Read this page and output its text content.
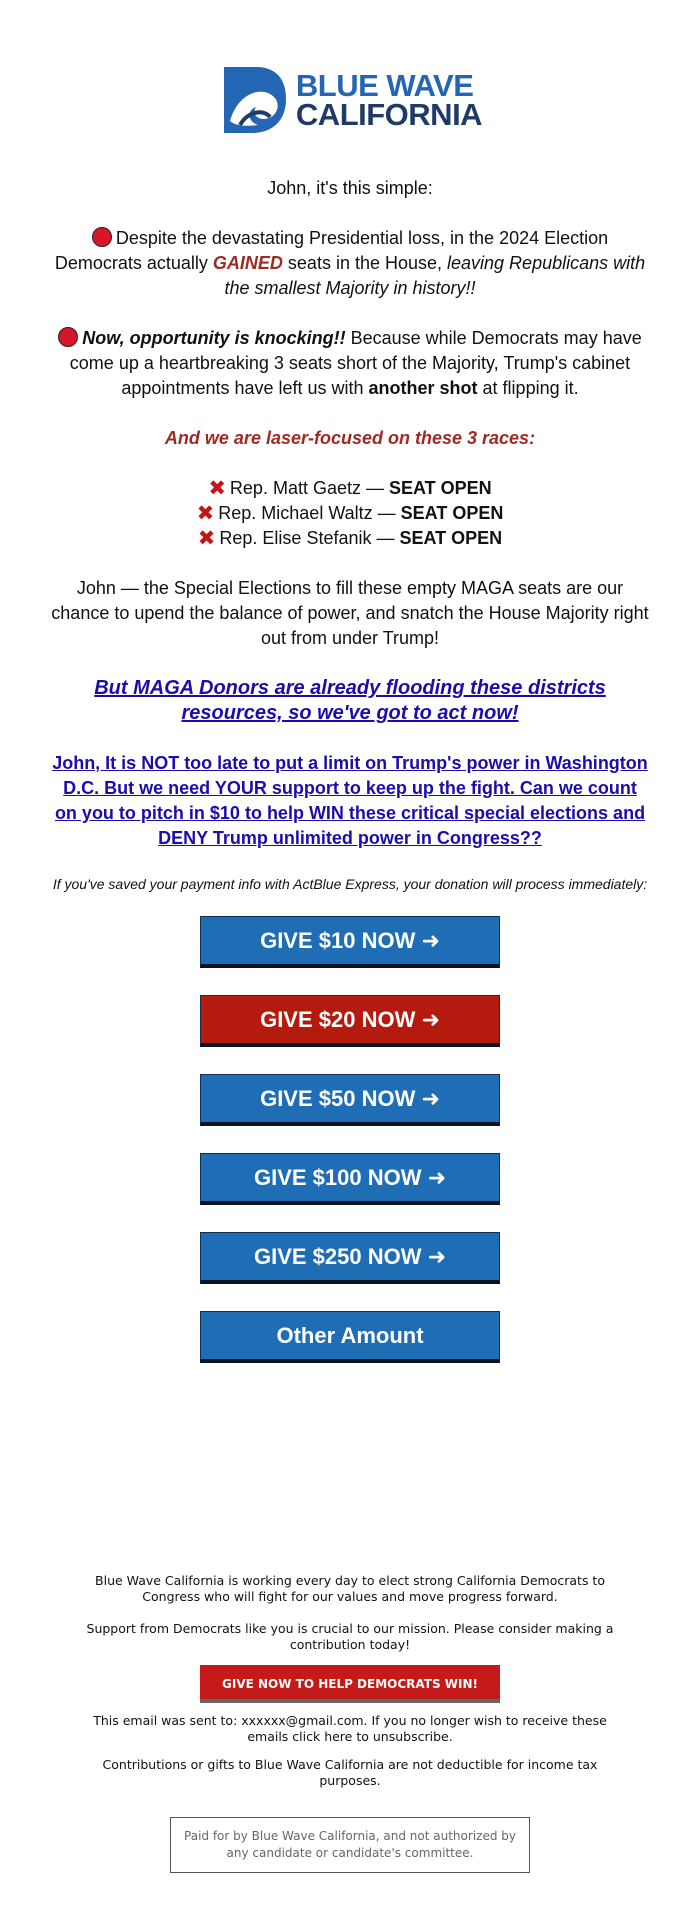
BLUE WAVE
CALIFORNIA

John, it's this simple:

Despite the devastating Presidential loss, in the 2024 Election Democrats actually GAINED seats in the House, leaving Republicans with the smallest Majority in history!!

Now, opportunity is knocking!! Because while Democrats may have come up a heartbreaking 3 seats short of the Majority, Trump's cabinet appointments have left us with another shot at flipping it.

And we are laser-focused on these 3 races:

✖ Rep. Matt Gaetz — SEAT OPEN
✖ Rep. Michael Waltz — SEAT OPEN
✖ Rep. Elise Stefanik — SEAT OPEN

John — the Special Elections to fill these empty MAGA seats are our chance to upend the balance of power, and snatch the House Majority right out from under Trump!

But MAGA Donors are already flooding these districts resources, so we've got to act now!
John, It is NOT too late to put a limit on Trump's power in Washington D.C. But we need YOUR support to keep up the fight. Can we count on you to pitch in $10 to help WIN these critical special elections and DENY Trump unlimited power in Congress??

If you've saved your payment info with ActBlue Express, your donation will process immediately:

GIVE $10 NOW ➜
GIVE $20 NOW ➜
GIVE $50 NOW ➜
GIVE $100 NOW ➜
GIVE $250 NOW ➜
Other Amount

Blue Wave California is working every day to elect strong California Democrats to Congress who will fight for our values and move progress forward.

Support from Democrats like you is crucial to our mission. Please consider making a contribution today!

GIVE NOW TO HELP DEMOCRATS WIN!

This email was sent to: xxxxxx@gmail.com. If you no longer wish to receive these emails click here to unsubscribe.

Contributions or gifts to Blue Wave California are not deductible for income tax purposes.

Paid for by Blue Wave California, and not authorized by any candidate or candidate's committee.
